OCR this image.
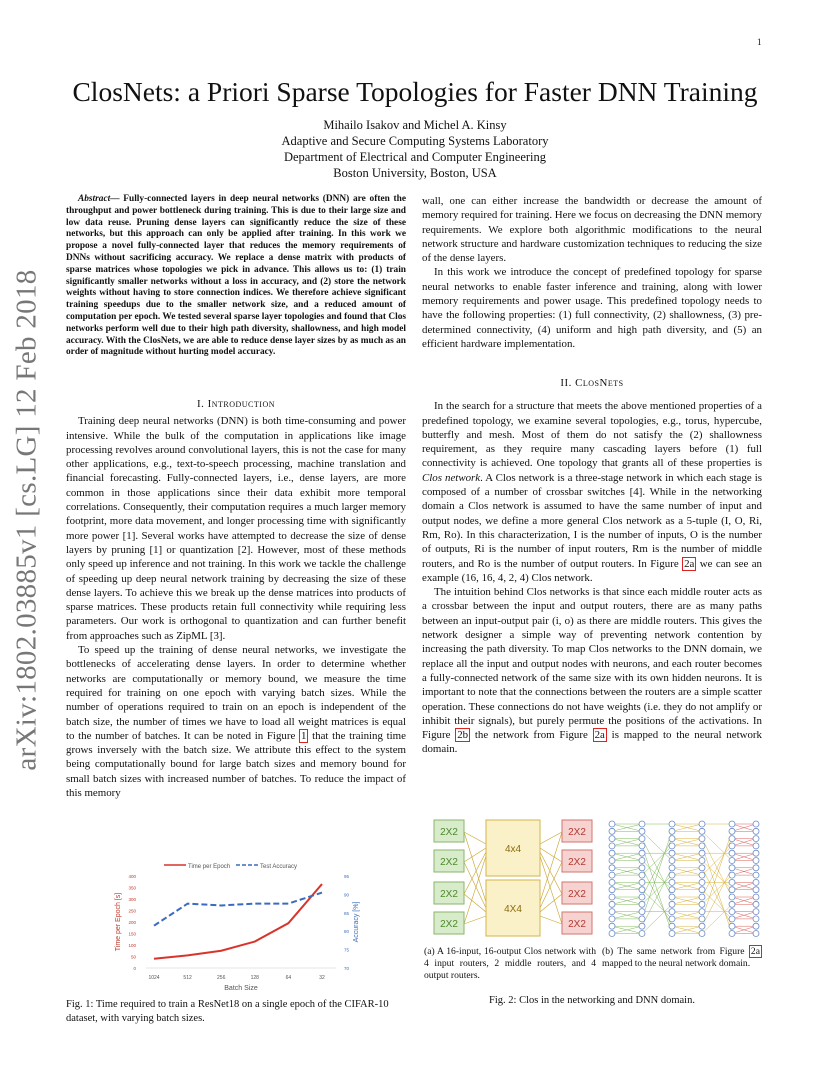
1
arXiv:1802.03885v1 [cs.LG] 12 Feb 2018
ClosNets: a Priori Sparse Topologies for Faster DNN Training
Mihailo Isakov and Michel A. Kinsy
Adaptive and Secure Computing Systems Laboratory
Department of Electrical and Computer Engineering
Boston University, Boston, USA
Abstract— Fully-connected layers in deep neural networks (DNN) are often the throughput and power bottleneck during training. This is due to their large size and low data reuse. Pruning dense layers can significantly reduce the size of these networks, but this approach can only be applied after training. In this work we propose a novel fully-connected layer that reduces the memory requirements of DNNs without sacrificing accuracy. We replace a dense matrix with products of sparse matrices whose topologies we pick in advance. This allows us to: (1) train significantly smaller networks without a loss in accuracy, and (2) store the network weights without having to store connection indices. We therefore achieve significant training speedups due to the smaller network size, and a reduced amount of computation per epoch. We tested several sparse layer topologies and found that Clos networks perform well due to their high path diversity, shallowness, and high model accuracy. With the ClosNets, we are able to reduce dense layer sizes by as much as an order of magnitude without hurting model accuracy.
I. Introduction

Training deep neural networks (DNN) is both time-consuming and power intensive. While the bulk of the computation in applications like image processing revolves around convolutional layers, this is not the case for many other applications, e.g., text-to-speech processing, machine translation and financial forecasting. Fully-connected layers, i.e., dense layers, are more common in those applications since their data exhibit more temporal correlations. Consequently, their computation requires a much larger memory footprint, more data movement, and longer processing time with significantly more power [1]. Several works have attempted to decrease the size of dense layers by pruning [1] or quantization [2]. However, most of these methods only speed up inference and not training. In this work we tackle the challenge of speeding up deep neural network training by decreasing the size of these dense layers. To achieve this we break up the dense matrices into products of sparse matrices. These products retain full connectivity while requiring less parameters. Our work is orthogonal to quantization and can further benefit from approaches such as ZipML [3].

To speed up the training of dense neural networks, we investigate the bottlenecks of accelerating dense layers. In order to determine whether networks are computationally or memory bound, we measure the time required for training on one epoch with varying batch sizes. While the number of operations required to train on an epoch is independent of the batch size, the number of times we have to load all weight matrices is equal to the number of batches. It can be noted in Figure 1 that the training time grows inversely with the batch size. We attribute this effect to the system being computationally bound for large batch sizes and memory bound for small batch sizes with increased number of batches. To reduce the impact of this memory

Time per Epoch	Test Accuracy
0
50
100
150
200
250
300
350
400
70
75
80
85
90
95
1024	512	256	128	64	32
Time per Epoch [s]	Accuracy [%]
Batch Size
Fig. 1: Time required to train a ResNet18 on a single epoch of the CIFAR-10 dataset, with varying batch sizes.

wall, one can either increase the bandwidth or decrease the amount of memory required for training. Here we focus on decreasing the DNN memory requirements. We explore both algorithmic modifications to the neural network structure and hardware customization techniques to reducing the size of the dense layers.

In this work we introduce the concept of predefined topology for sparse neural networks to enable faster inference and training, along with lower memory requirements and power usage. This predefined topology needs to have the following properties: (1) full connectivity, (2) shallowness, (3) pre-determined connectivity, (4) uniform and high path diversity, and (5) an efficient hardware implementation.

II. ClosNets

In the search for a structure that meets the above mentioned properties of a predefined topology, we examine several topologies, e.g., torus, hypercube, butterfly and mesh. Most of them do not satisfy the (2) shallowness requirement, as they require many cascading layers before (1) full connectivity is achieved. One topology that grants all of these properties is Clos network. A Clos network is a three-stage network in which each stage is composed of a number of crossbar switches [4]. While in the networking domain a Clos network is assumed to have the same number of input and output nodes, we define a more general Clos network as a 5-tuple (I, O, Ri, Rm, Ro). In this characterization, I is the number of inputs, O is the number of outputs, Ri is the number of input routers, Rm is the number of middle routers, and Ro is the number of output routers. In Figure 2a we can see an example (16, 16, 4, 2, 4) Clos network.

The intuition behind Clos networks is that since each middle router acts as a crossbar between the input and output routers, there are as many paths between an input-output pair (i, o) as there are middle routers. This gives the network designer a simple way of preventing network contention by increasing the path diversity. To map Clos networks to the DNN domain, we replace all the input and output nodes with neurons, and each router becomes a fully-connected network of the same size with its own hidden neurons. It is important to note that the connections between the routers are a simple scatter operation. These connections do not have weights (i.e. they do not amplify or inhibit their signals), but purely permute the positions of the activations. In Figure 2b the network from Figure 2a is mapped to the neural network domain.

2X2
2X2
2X2
2X2
4x4
4X4
2X2
2X2
2X2
2X2
(a) A 16-input, 16-output Clos network with 4 input routers, 2 middle routers, and 4 output routers.
(b) The same network from Figure 2a mapped to the neural network domain.
Fig. 2: Clos in the networking and DNN domain.
